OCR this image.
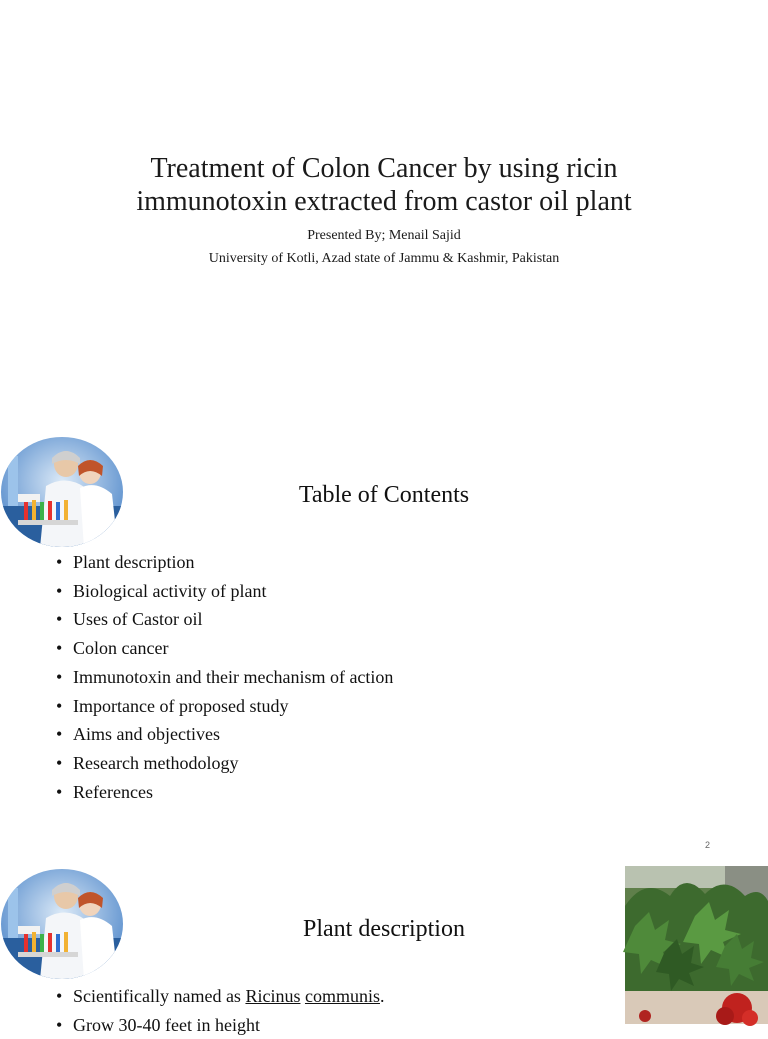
Treatment of Colon Cancer by using ricin
immunotoxin extracted from castor oil plant
Presented By; Menail Sajid
University of Kotli, Azad state of Jammu & Kashmir, Pakistan
Table of Contents
• Plant description
• Biological activity of plant
• Uses of Castor oil
• Colon cancer
• Immunotoxin and their mechanism of action
• Importance of proposed study
• Aims and objectives
• Research methodology
• References
2
Plant description
• Scientifically named as Ricinus communis.
• Grow 30-40 feet in height
